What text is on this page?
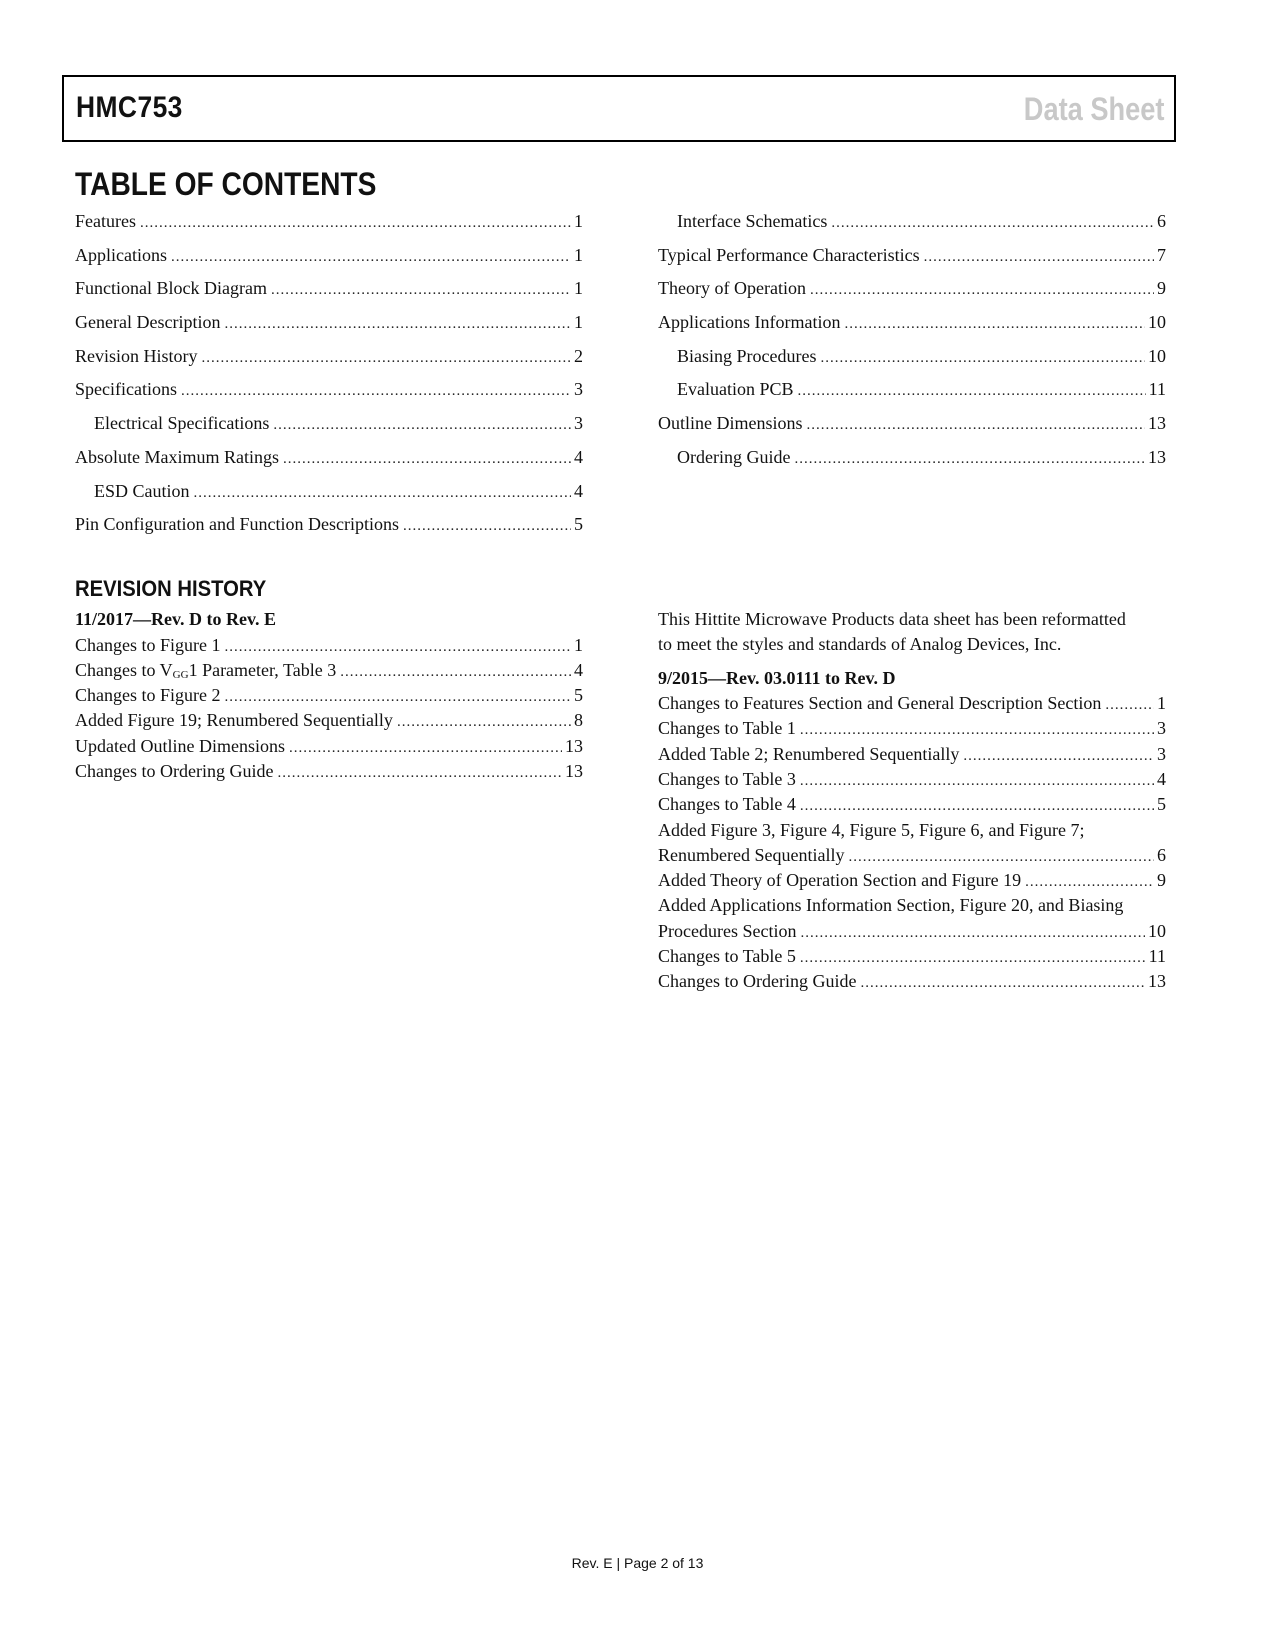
HMC753	Data Sheet
TABLE OF CONTENTS
Features .....	1
Applications .....	1
Functional Block Diagram .....	1
General Description .....	1
Revision History .....	2
Specifications .....	3
Electrical Specifications .....	3
Absolute Maximum Ratings .....	4
ESD Caution .....	4
Pin Configuration and Function Descriptions .....	5
Interface Schematics .....	6
Typical Performance Characteristics .....	7
Theory of Operation .....	9
Applications Information .....	10
Biasing Procedures .....	10
Evaluation PCB .....	11
Outline Dimensions .....	13
Ordering Guide .....	13
REVISION HISTORY
11/2017—Rev. D to Rev. E
Changes to Figure 1 .....	1
Changes to $V_{GG}1$ Parameter, Table 3 .....	4
Changes to Figure 2 .....	5
Added Figure 19; Renumbered Sequentially .....	8
Updated Outline Dimensions .....	13
Changes to Ordering Guide .....	13
This Hittite Microwave Products data sheet has been reformatted
to meet the styles and standards of Analog Devices, Inc.
9/2015—Rev. 03.0111 to Rev. D
Changes to Features Section and General Description Section .....	1
Changes to Table 1 .....	3
Added Table 2; Renumbered Sequentially .....	3
Changes to Table 3 .....	4
Changes to Table 4 .....	5
Added Figure 3, Figure 4, Figure 5, Figure 6, and Figure 7;
Renumbered Sequentially .....	6
Added Theory of Operation Section and Figure 19 .....	9
Added Applications Information Section, Figure 20, and Biasing
Procedures Section .....	10
Changes to Table 5 .....	11
Changes to Ordering Guide .....	13
Rev. E | Page 2 of 13
